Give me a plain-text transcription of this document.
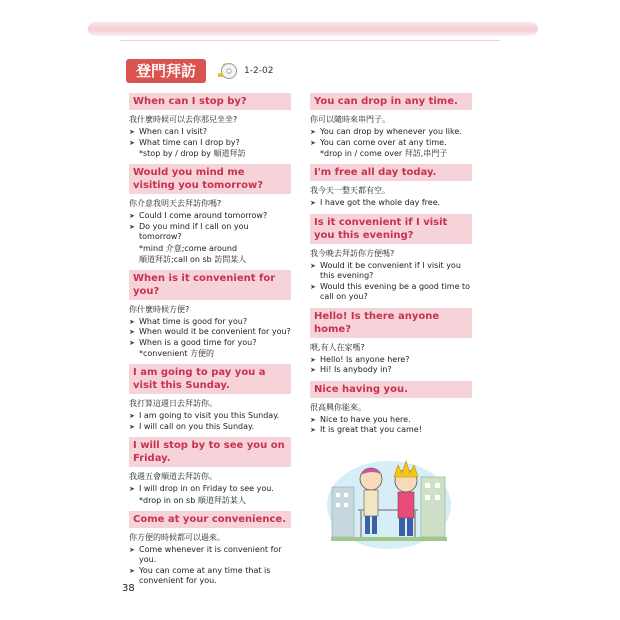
登門拜訪	1-2-02
When can I stop by?
我什麼時候可以去你那兒坐坐?
➤ When can I visit?
➤ What time can I drop by?
*stop by / drop by 順道拜訪
Would you mind me visiting you tomorrow?
你介意我明天去拜訪你嗎?
➤ Could I come around tomorrow?
➤ Do you mind if I call on you tomorrow?
*mind 介意;come around
順道拜訪;call on sb 訪問某人
When is it convenient for you?
你什麼時候方便?
➤ What time is good for you?
➤ When would it be convenient for you?
➤ When is a good time for you?
*convenient 方便的
I am going to pay you a visit this Sunday.
我打算這週日去拜訪你。
➤ I am going to visit you this Sunday.
➤ I will call on you this Sunday.
I will stop by to see you on Friday.
我週五會順道去拜訪你。
➤ I will drop in on Friday to see you.
*drop in on sb 順道拜訪某人
Come at your convenience.
你方便的時候都可以過來。
➤ Come whenever it is convenient for you.
➤ You can come at any time that is convenient for you.
You can drop in any time.
你可以隨時來串門子。
➤ You can drop by whenever you like.
➤ You can come over at any time.
*drop in / come over 拜訪,串門子
I'm free all day today.
我今天一整天都有空。
➤ I have got the whole day free.
Is it convenient if I visit you this evening?
我今晚去拜訪你方便嗎?
➤ Would it be convenient if I visit you this evening?
➤ Would this evening be a good time to call on you?
Hello! Is there anyone home?
喂,有人在家嗎?
➤ Hello! Is anyone here?
➤ Hi! Is anybody in?
Nice having you.
很高興你能來。
➤ Nice to have you here.
➤ It is great that you came!
38
